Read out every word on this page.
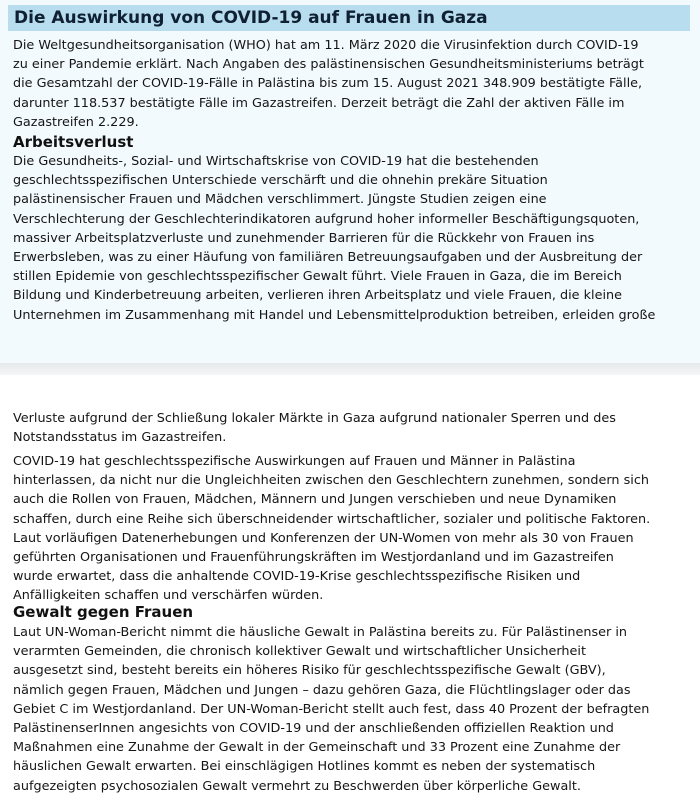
Die Auswirkung von COVID-19 auf Frauen in Gaza

Die Weltgesundheitsorganisation (WHO) hat am 11. März 2020 die Virusinfektion durch COVID-19
zu einer Pandemie erklärt. Nach Angaben des palästinensischen Gesundheitsministeriums beträgt
die Gesamtzahl der COVID-19-Fälle in Palästina bis zum 15. August 2021 348.909 bestätigte Fälle,
darunter 118.537 bestätigte Fälle im Gazastreifen. Derzeit beträgt die Zahl der aktiven Fälle im
Gazastreifen 2.229.

Arbeitsverlust

Die Gesundheits-, Sozial- und Wirtschaftskrise von COVID-19 hat die bestehenden
geschlechtsspezifischen Unterschiede verschärft und die ohnehin prekäre Situation
palästinensischer Frauen und Mädchen verschlimmert. Jüngste Studien zeigen eine
Verschlechterung der Geschlechterindikatoren aufgrund hoher informeller Beschäftigungsquoten,
massiver Arbeitsplatzverluste und zunehmender Barrieren für die Rückkehr von Frauen ins
Erwerbsleben, was zu einer Häufung von familiären Betreuungsaufgaben und der Ausbreitung der
stillen Epidemie von geschlechtsspezifischer Gewalt führt. Viele Frauen in Gaza, die im Bereich
Bildung und Kinderbetreuung arbeiten, verlieren ihren Arbeitsplatz und viele Frauen, die kleine
Unternehmen im Zusammenhang mit Handel und Lebensmittelproduktion betreiben, erleiden große

Verluste aufgrund der Schließung lokaler Märkte in Gaza aufgrund nationaler Sperren und des
Notstandsstatus im Gazastreifen.

COVID-19 hat geschlechtsspezifische Auswirkungen auf Frauen und Männer in Palästina
hinterlassen, da nicht nur die Ungleichheiten zwischen den Geschlechtern zunehmen, sondern sich
auch die Rollen von Frauen, Mädchen, Männern und Jungen verschieben und neue Dynamiken
schaffen, durch eine Reihe sich überschneidender wirtschaftlicher, sozialer und politische Faktoren.
Laut vorläufigen Datenerhebungen und Konferenzen der UN-Women von mehr als 30 von Frauen
geführten Organisationen und Frauenführungskräften im Westjordanland und im Gazastreifen
wurde erwartet, dass die anhaltende COVID-19-Krise geschlechtsspezifische Risiken und
Anfälligkeiten schaffen und verschärfen würden.

Gewalt gegen Frauen

Laut UN-Woman-Bericht nimmt die häusliche Gewalt in Palästina bereits zu. Für Palästinenser in
verarmten Gemeinden, die chronisch kollektiver Gewalt und wirtschaftlicher Unsicherheit
ausgesetzt sind, besteht bereits ein höheres Risiko für geschlechtsspezifische Gewalt (GBV),
nämlich gegen Frauen, Mädchen und Jungen – dazu gehören Gaza, die Flüchtlingslager oder das
Gebiet C im Westjordanland. Der UN-Woman-Bericht stellt auch fest, dass 40 Prozent der befragten
PalästinenserInnen angesichts von COVID-19 und der anschließenden offiziellen Reaktion und
Maßnahmen eine Zunahme der Gewalt in der Gemeinschaft und 33 Prozent eine Zunahme der
häuslichen Gewalt erwarten. Bei einschlägigen Hotlines kommt es neben der systematisch
aufgezeigten psychosozialen Gewalt vermehrt zu Beschwerden über körperliche Gewalt.
